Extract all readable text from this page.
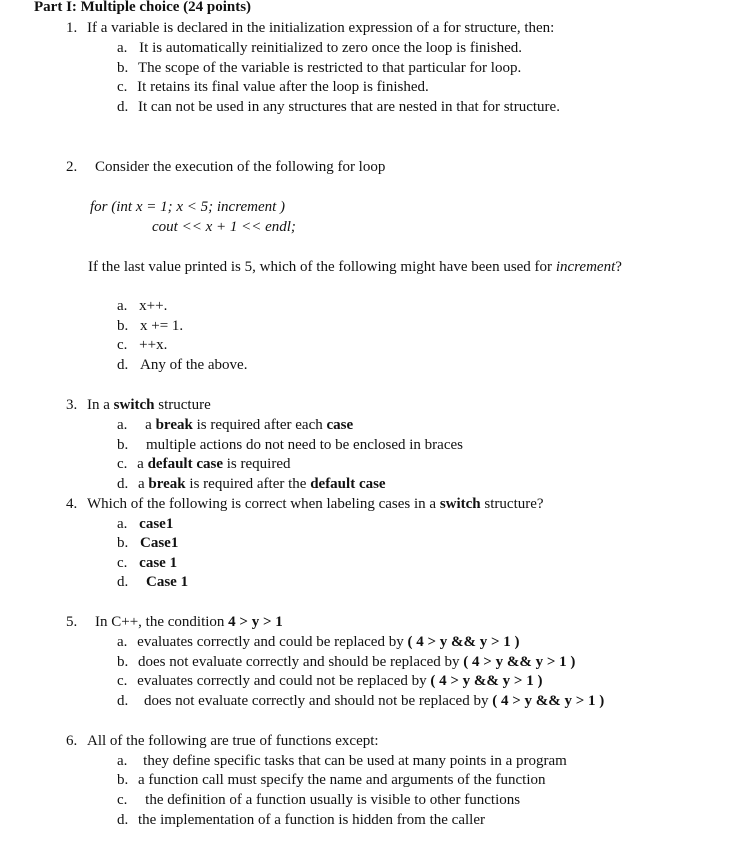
Part I: Multiple choice (24 points)
1. If a variable is declared in the initialization expression of a for structure, then:
a. It is automatically reinitialized to zero once the loop is finished.
b. The scope of the variable is restricted to that particular for loop.
c. It retains its final value after the loop is finished.
d. It can not be used in any structures that are nested in that for structure.
2. Consider the execution of the following for loop
for (int x = 1; x < 5; increment )
cout << x + 1 << endl;
If the last value printed is 5, which of the following might have been used for increment?
a. x++.
b. x += 1.
c. ++x.
d. Any of the above.
3. In a switch structure
a. a break is required after each case
b. multiple actions do not need to be enclosed in braces
c. a default case is required
d. a break is required after the default case
4. Which of the following is correct when labeling cases in a switch structure?
a. case1
b. Case1
c. case 1
d. Case 1
5. In C++, the condition 4 > y > 1
a. evaluates correctly and could be replaced by ( 4 > y && y > 1 )
b. does not evaluate correctly and should be replaced by ( 4 > y && y > 1 )
c. evaluates correctly and could not be replaced by ( 4 > y && y > 1 )
d. does not evaluate correctly and should not be replaced by ( 4 > y && y > 1 )
6. All of the following are true of functions except:
a. they define specific tasks that can be used at many points in a program
b. a function call must specify the name and arguments of the function
c. the definition of a function usually is visible to other functions
d. the implementation of a function is hidden from the caller
